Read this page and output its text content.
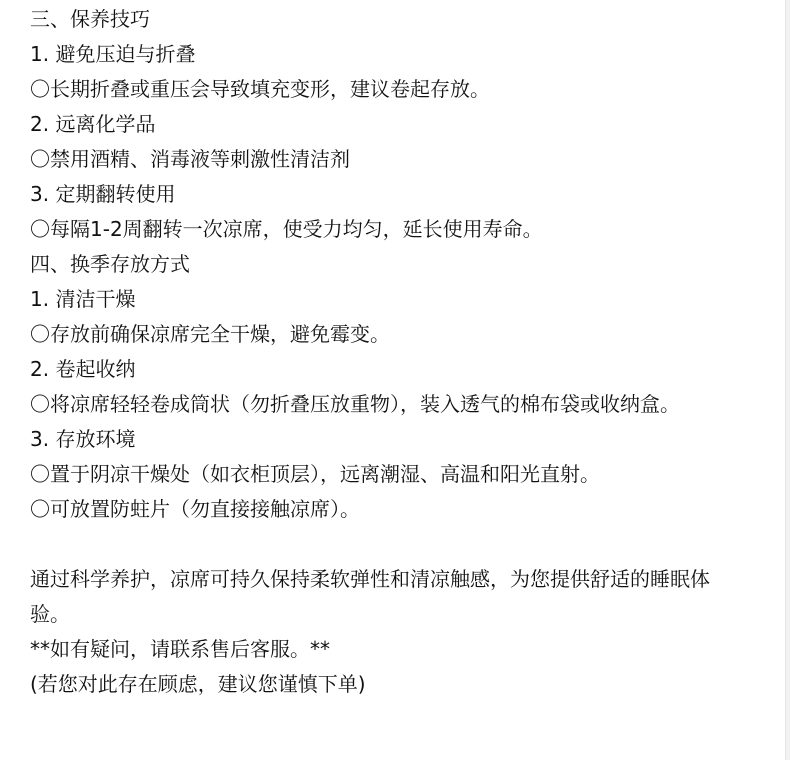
三、保养技巧
1. 避免压迫与折叠
〇长期折叠或重压会导致填充变形，建议卷起存放。
2. 远离化学品
〇禁用酒精、消毒液等刺激性清洁剂
3. 定期翻转使用
〇每隔1-2周翻转一次凉席，使受力均匀，延长使用寿命。
四、换季存放方式
1. 清洁干燥
〇存放前确保凉席完全干燥，避免霉变。
2. 卷起收纳
〇将凉席轻轻卷成筒状（勿折叠压放重物），装入透气的棉布袋或收纳盒。
3. 存放环境
〇置于阴凉干燥处（如衣柜顶层），远离潮湿、高温和阳光直射。
〇可放置防蛀片（勿直接接触凉席）。
通过科学养护，凉席可持久保持柔软弹性和清凉触感，为您提供舒适的睡眠体验。
**如有疑问，请联系售后客服。**
(若您对此存在顾虑，建议您谨慎下单)
